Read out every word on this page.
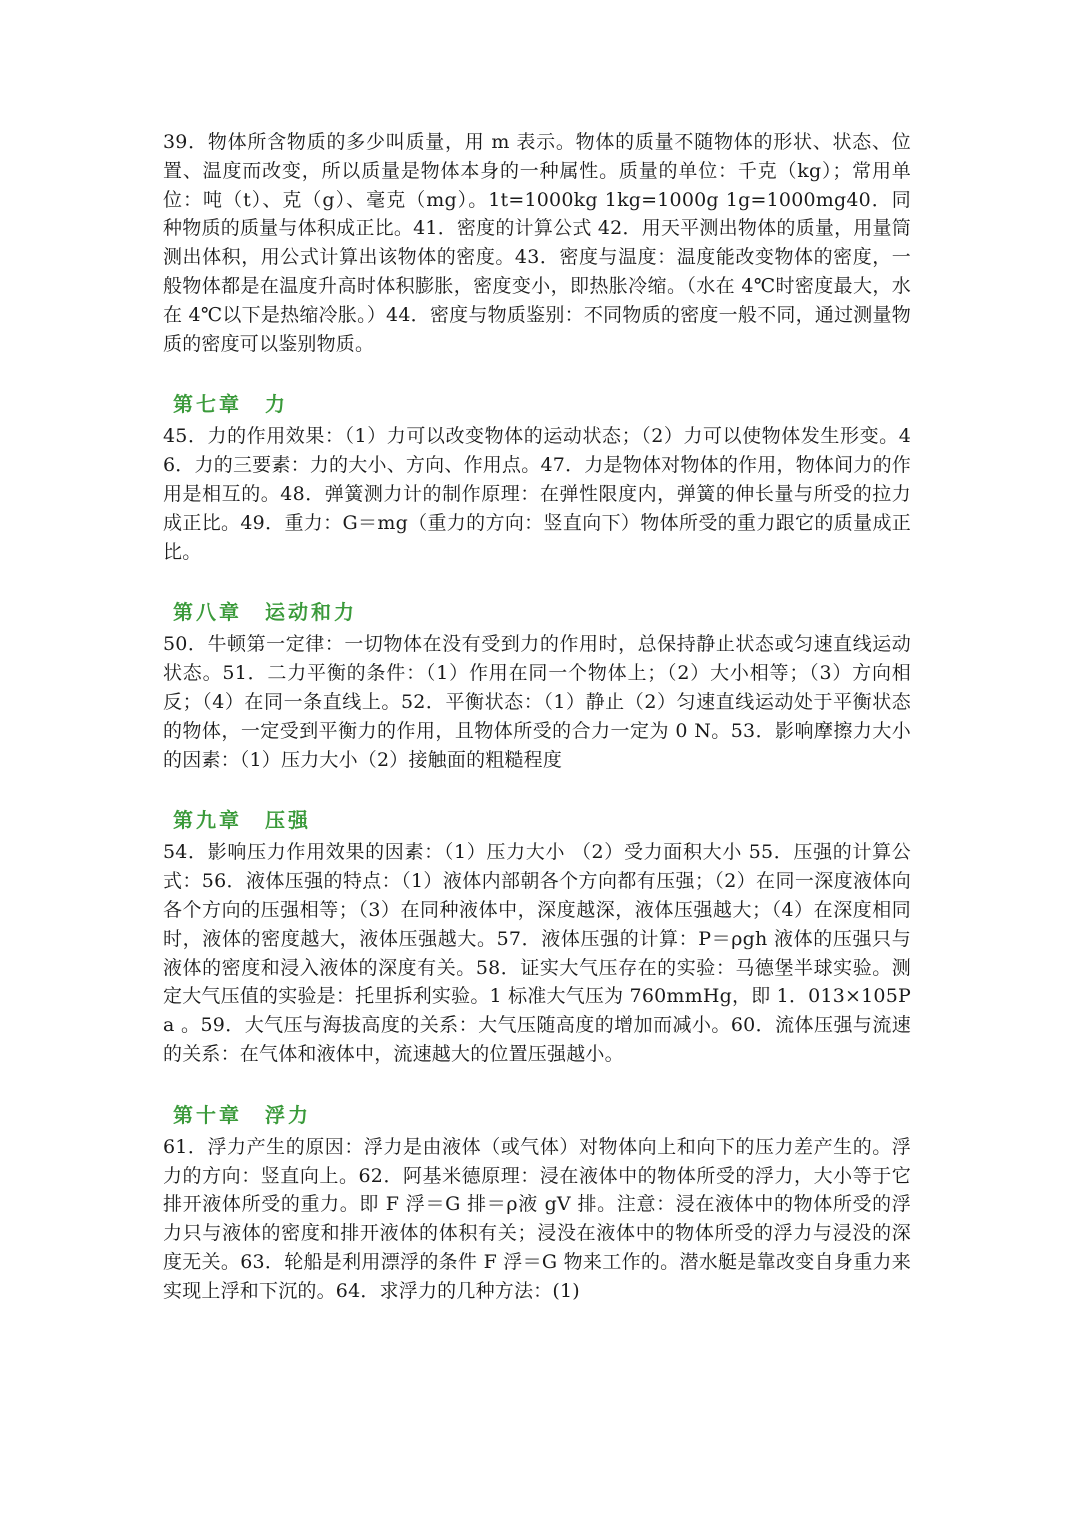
39．物体所含物质的多少叫质量，用 m 表示。物体的质量不随物体的形状、状态、位置、温度而改变，所以质量是物体本身的一种属性。质量的单位：千克（kg）；常用单位：吨（t）、克（g）、毫克（mg）。1t=1000kg 1kg=1000g 1g=1000mg40．同种物质的质量与体积成正比。41．密度的计算公式 42．用天平测出物体的质量，用量筒测出体积，用公式计算出该物体的密度。43．密度与温度：温度能改变物体的密度，一般物体都是在温度升高时体积膨胀，密度变小，即热胀冷缩。（水在 4℃时密度最大，水在 4℃以下是热缩冷胀。）44．密度与物质鉴别：不同物质的密度一般不同，通过测量物质的密度可以鉴别物质。

第七章　力

45．力的作用效果：（1）力可以改变物体的运动状态；（2）力可以使物体发生形变。46．力的三要素：力的大小、方向、作用点。47．力是物体对物体的作用，物体间力的作用是相互的。48．弹簧测力计的制作原理：在弹性限度内，弹簧的伸长量与所受的拉力成正比。49．重力：G＝mg（重力的方向：竖直向下）物体所受的重力跟它的质量成正比。

第八章　运动和力

50．牛顿第一定律：一切物体在没有受到力的作用时，总保持静止状态或匀速直线运动状态。51．二力平衡的条件：（1）作用在同一个物体上；（2）大小相等；（3）方向相反；（4）在同一条直线上。52．平衡状态：（1）静止（2）匀速直线运动处于平衡状态的物体，一定受到平衡力的作用，且物体所受的合力一定为 0 N。53．影响摩擦力大小的因素：（1）压力大小（2）接触面的粗糙程度

第九章　压强

54．影响压力作用效果的因素：（1）压力大小 （2）受力面积大小 55．压强的计算公式：56．液体压强的特点：（1）液体内部朝各个方向都有压强；（2）在同一深度液体向各个方向的压强相等；（3）在同种液体中，深度越深，液体压强越大；（4）在深度相同时，液体的密度越大，液体压强越大。57．液体压强的计算：P＝ρgh 液体的压强只与液体的密度和浸入液体的深度有关。58．证实大气压存在的实验：马德堡半球实验。测定大气压值的实验是：托里拆利实验。1 标准大气压为 760mmHg，即 1．013×105Pa 。59．大气压与海拔高度的关系：大气压随高度的增加而减小。60．流体压强与流速的关系：在气体和液体中，流速越大的位置压强越小。

第十章　浮力

61．浮力产生的原因：浮力是由液体（或气体）对物体向上和向下的压力差产生的。浮力的方向：竖直向上。62．阿基米德原理：浸在液体中的物体所受的浮力，大小等于它排开液体所受的重力。即 F 浮＝G 排＝ρ液 gV 排。注意：浸在液体中的物体所受的浮力只与液体的密度和排开液体的体积有关；浸没在液体中的物体所受的浮力与浸没的深度无关。63．轮船是利用漂浮的条件 F 浮＝G 物来工作的。潜水艇是靠改变自身重力来实现上浮和下沉的。64．求浮力的几种方法：(1)
